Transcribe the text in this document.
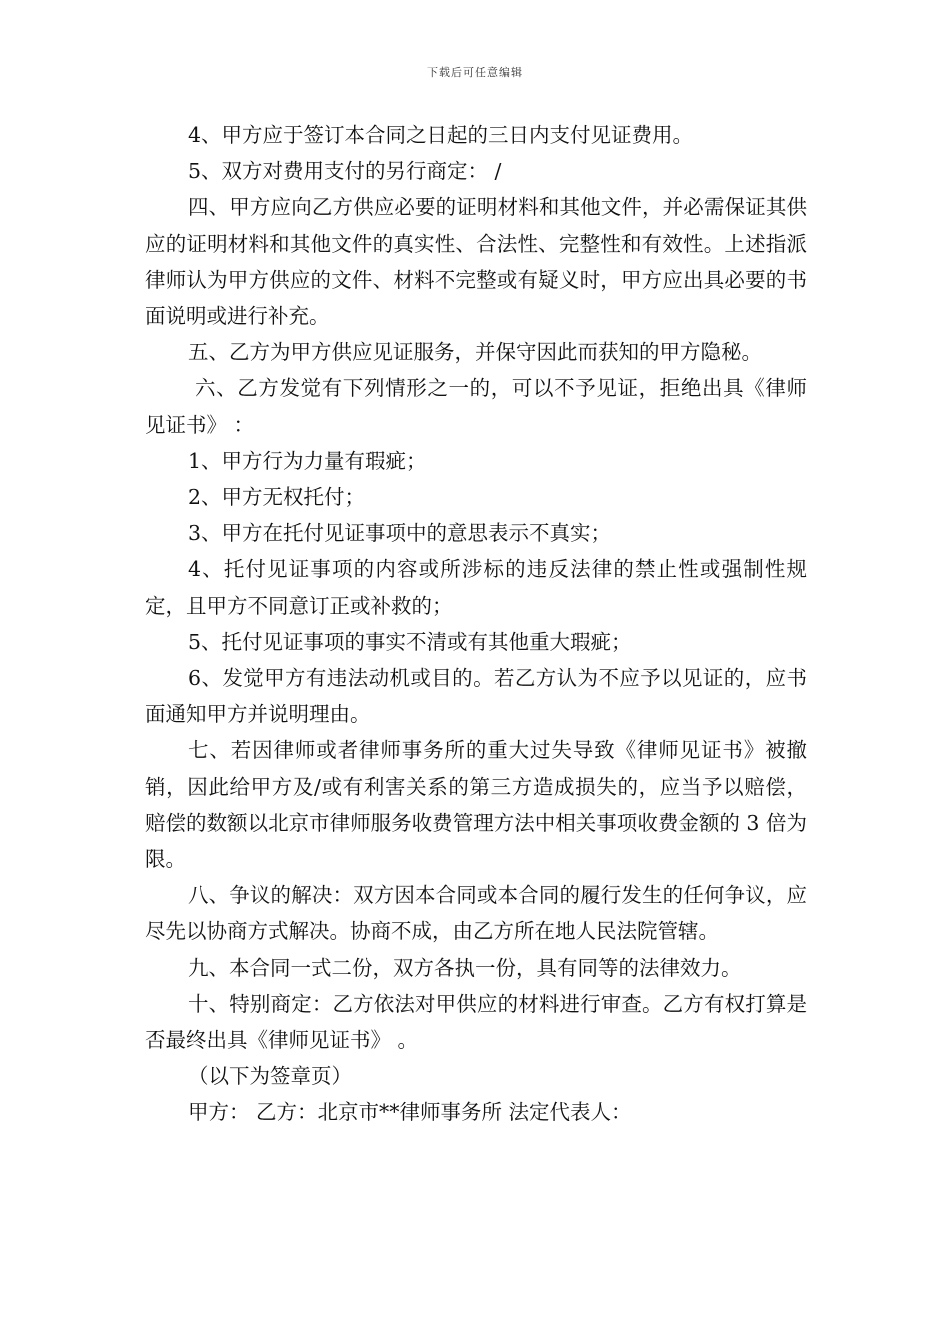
下载后可任意编辑

4、甲方应于签订本合同之日起的三日内支付见证费用。

5、双方对费用支付的另行商定： /

四、甲方应向乙方供应必要的证明材料和其他文件，并必需保证其供应的证明材料和其他文件的真实性、合法性、完整性和有效性。上述指派律师认为甲方供应的文件、材料不完整或有疑义时，甲方应出具必要的书面说明或进行补充。

五、乙方为甲方供应见证服务，并保守因此而获知的甲方隐秘。

六、乙方发觉有下列情形之一的，可以不予见证，拒绝出具《律师见证书》 ：

1、甲方行为力量有瑕疵；

2、甲方无权托付；

3、甲方在托付见证事项中的意思表示不真实；

4、托付见证事项的内容或所涉标的违反法律的禁止性或强制性规定，且甲方不同意订正或补救的；

5、托付见证事项的事实不清或有其他重大瑕疵；

6、发觉甲方有违法动机或目的。若乙方认为不应予以见证的，应书面通知甲方并说明理由。

七、若因律师或者律师事务所的重大过失导致《律师见证书》被撤销，因此给甲方及/或有利害关系的第三方造成损失的，应当予以赔偿，赔偿的数额以北京市律师服务收费管理方法中相关事项收费金额的 3 倍为限。

八、争议的解决：双方因本合同或本合同的履行发生的任何争议，应尽先以协商方式解决。协商不成，由乙方所在地人民法院管辖。

九、本合同一式二份，双方各执一份，具有同等的法律效力。

十、特别商定：乙方依法对甲供应的材料进行审查。乙方有权打算是否最终出具《律师见证书》 。

（以下为签章页）

甲方： 乙方：北京市**律师事务所 法定代表人：
